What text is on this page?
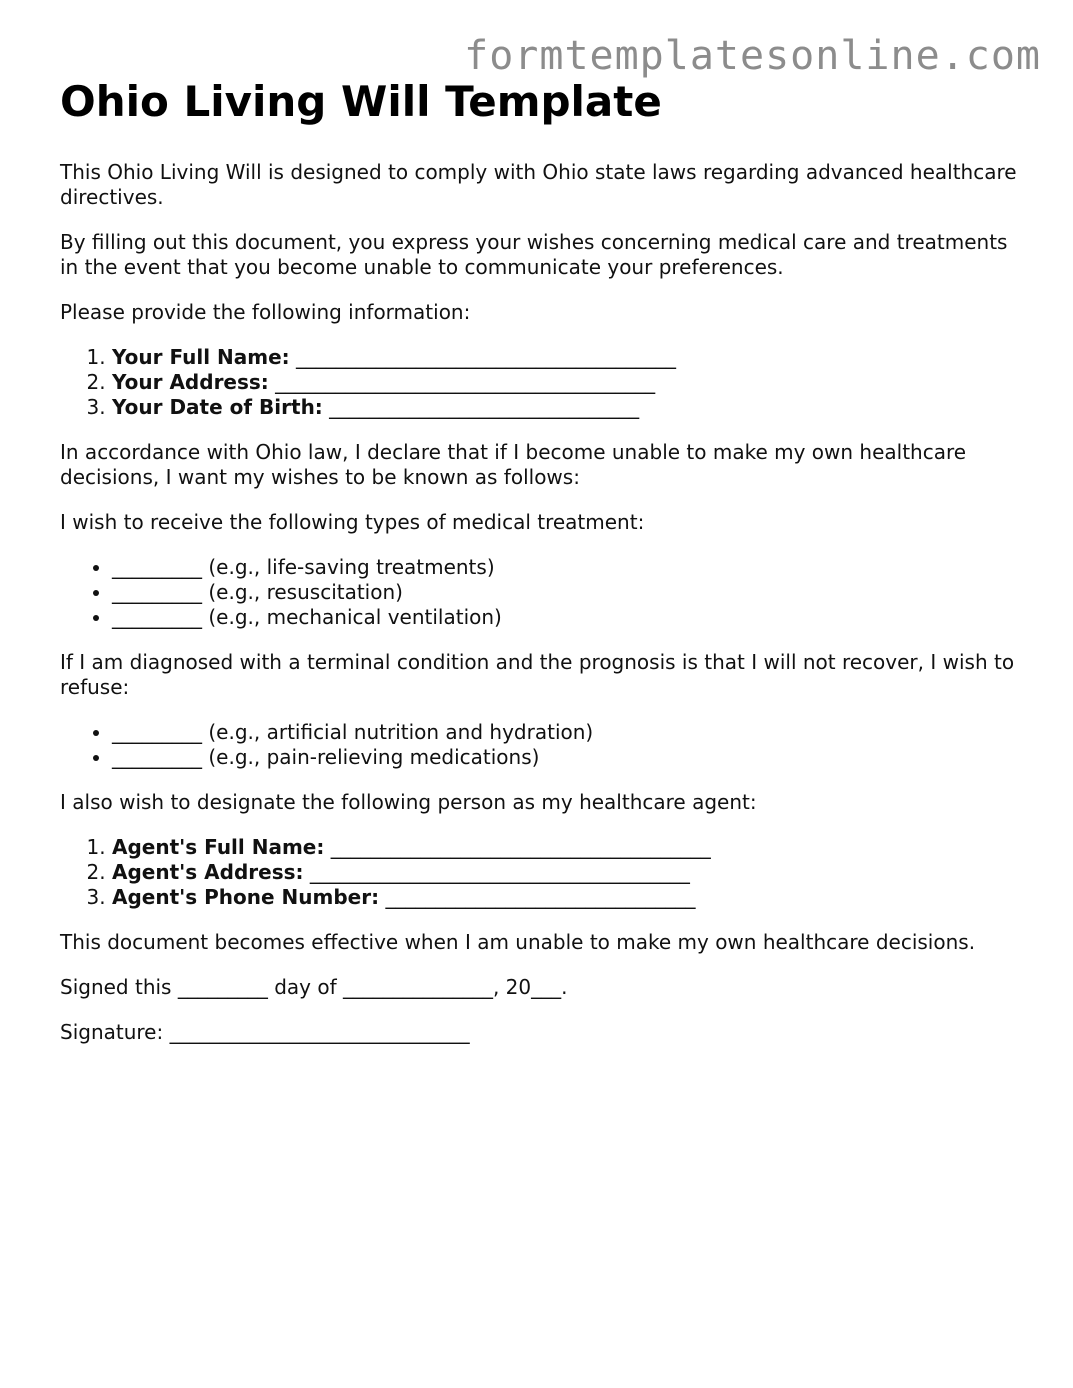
formtemplatesonline.com
Ohio Living Will Template

This Ohio Living Will is designed to comply with Ohio state laws regarding advanced healthcare directives.

By filling out this document, you express your wishes concerning medical care and treatments in the event that you become unable to communicate your preferences.

Please provide the following information:

1. Your Full Name: ______________________________________
2. Your Address: ______________________________________
3. Your Date of Birth: _______________________________

In accordance with Ohio law, I declare that if I become unable to make my own healthcare decisions, I want my wishes to be known as follows:

I wish to receive the following types of medical treatment:

• _________ (e.g., life-saving treatments)
• _________ (e.g., resuscitation)
• _________ (e.g., mechanical ventilation)

If I am diagnosed with a terminal condition and the prognosis is that I will not recover, I wish to refuse:

• _________ (e.g., artificial nutrition and hydration)
• _________ (e.g., pain-relieving medications)

I also wish to designate the following person as my healthcare agent:

1. Agent's Full Name: ______________________________________
2. Agent's Address: ______________________________________
3. Agent's Phone Number: _______________________________

This document becomes effective when I am unable to make my own healthcare decisions.

Signed this _________ day of _______________, 20___.

Signature: ______________________________
